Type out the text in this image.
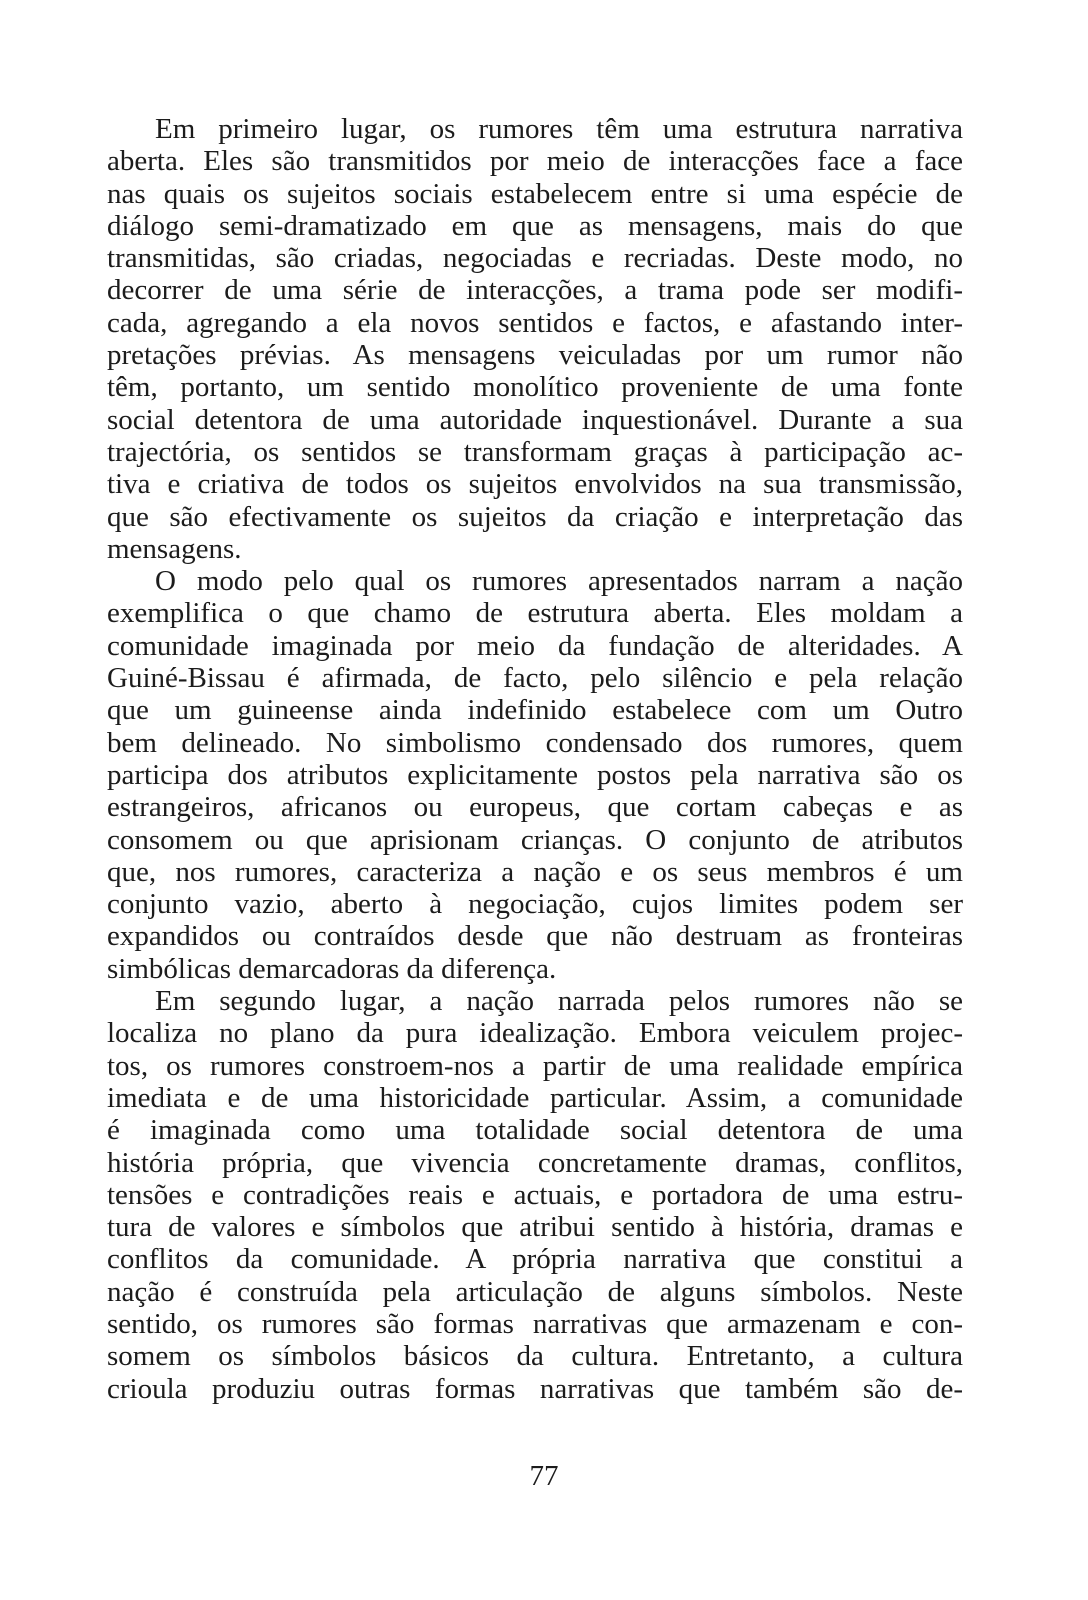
Em primeiro lugar, os rumores têm uma estrutura narrativa
aberta. Eles são transmitidos por meio de interacções face a face
nas quais os sujeitos sociais estabelecem entre si uma espécie de
diálogo semi-dramatizado em que as mensagens, mais do que
transmitidas, são criadas, negociadas e recriadas. Deste modo, no
decorrer de uma série de interacções, a trama pode ser modifi-
cada, agregando a ela novos sentidos e factos, e afastando inter-
pretações prévias. As mensagens veiculadas por um rumor não
têm, portanto, um sentido monolítico proveniente de uma fonte
social detentora de uma autoridade inquestionável. Durante a sua
trajectória, os sentidos se transformam graças à participação ac-
tiva e criativa de todos os sujeitos envolvidos na sua transmissão,
que são efectivamente os sujeitos da criação e interpretação das
mensagens.
O modo pelo qual os rumores apresentados narram a nação
exemplifica o que chamo de estrutura aberta. Eles moldam a
comunidade imaginada por meio da fundação de alteridades. A
Guiné-Bissau é afirmada, de facto, pelo silêncio e pela relação
que um guineense ainda indefinido estabelece com um Outro
bem delineado. No simbolismo condensado dos rumores, quem
participa dos atributos explicitamente postos pela narrativa são os
estrangeiros, africanos ou europeus, que cortam cabeças e as
consomem ou que aprisionam crianças. O conjunto de atributos
que, nos rumores, caracteriza a nação e os seus membros é um
conjunto vazio, aberto à negociação, cujos limites podem ser
expandidos ou contraídos desde que não destruam as fronteiras
simbólicas demarcadoras da diferença.
Em segundo lugar, a nação narrada pelos rumores não se
localiza no plano da pura idealização. Embora veiculem projec-
tos, os rumores constroem-nos a partir de uma realidade empírica
imediata e de uma historicidade particular. Assim, a comunidade
é imaginada como uma totalidade social detentora de uma
história própria, que vivencia concretamente dramas, conflitos,
tensões e contradições reais e actuais, e portadora de uma estru-
tura de valores e símbolos que atribui sentido à história, dramas e
conflitos da comunidade. A própria narrativa que constitui a
nação é construída pela articulação de alguns símbolos. Neste
sentido, os rumores são formas narrativas que armazenam e con-
somem os símbolos básicos da cultura. Entretanto, a cultura
crioula produziu outras formas narrativas que também são de-
77
